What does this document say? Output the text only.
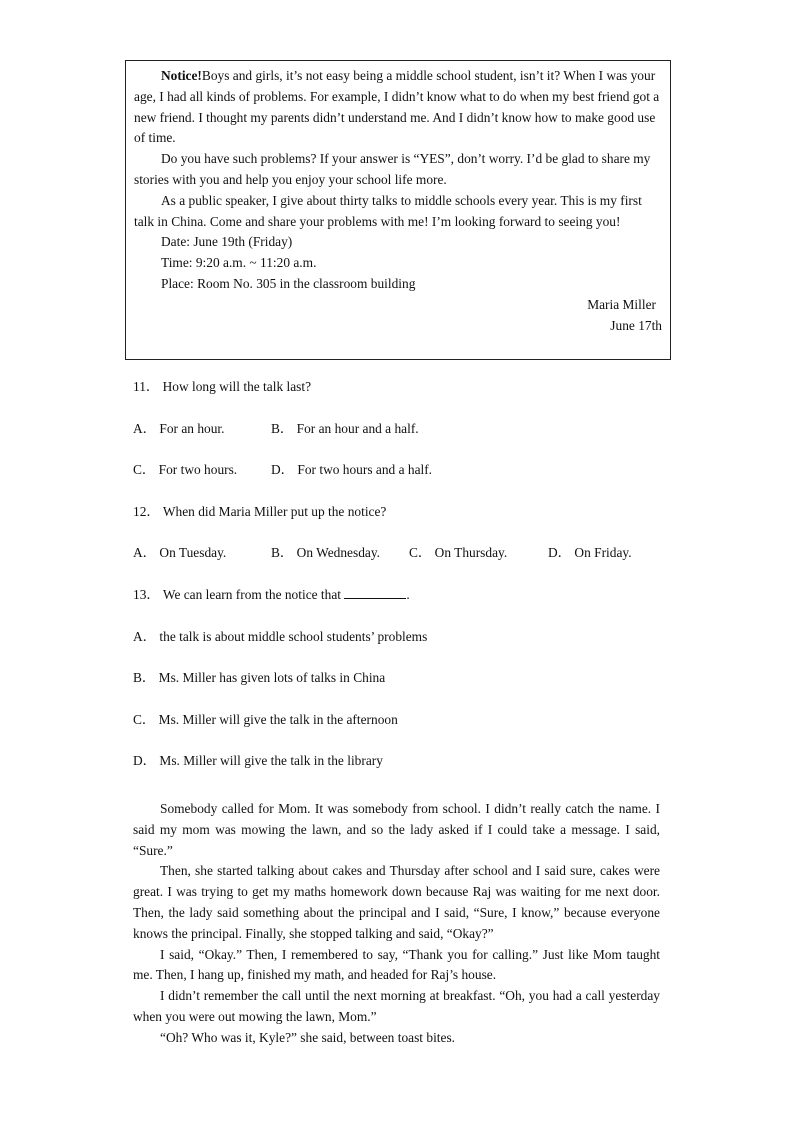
Notice!Boys and girls, it’s not easy being a middle school student, isn’t it? When I was your age, I had all kinds of problems. For example, I didn’t know what to do when my best friend got a new friend. I thought my parents didn’t understand me. And I didn’t know how to make good use of time.

Do you have such problems? If your answer is “YES”, don’t worry. I’d be glad to share my stories with you and help you enjoy your school life more.

As a public speaker, I give about thirty talks to middle schools every year. This is my first talk in China. Come and share your problems with me! I’m looking forward to seeing you!

Date: June 19th (Friday)

Time: 9:20 a.m. ~ 11:20 a.m.

Place: Room No. 305 in the classroom building

Maria Miller

June 17th

11． How long will the talk last?
A． For an hour.	B． For an hour and a half.
C． For two hours.	D． For two hours and a half.
12． When did Maria Miller put up the notice?
A． On Tuesday.	B． On Wednesday. C． On Thursday.	D． On Friday.
13． We can learn from the notice that	.
A． the talk is about middle school students’ problems
B． Ms. Miller has given lots of talks in China
C． Ms. Miller will give the talk in the afternoon
D． Ms. Miller will give the talk in the library

Somebody called for Mom. It was somebody from school. I didn’t really catch the name. I said my mom was mowing the lawn, and so the lady asked if I could take a message. I said, “Sure.”

Then, she started talking about cakes and Thursday after school and I said sure, cakes were great. I was trying to get my maths homework down because Raj was waiting for me next door. Then, the lady said something about the principal and I said, “Sure, I know,” because everyone knows the principal. Finally, she stopped talking and said, “Okay?”

I said, “Okay.” Then, I remembered to say, “Thank you for calling.” Just like Mom taught me. Then, I hang up, finished my math, and headed for Raj’s house.

I didn’t remember the call until the next morning at breakfast. “Oh, you had a call yesterday when you were out mowing the lawn, Mom.”

“Oh? Who was it, Kyle?” she said, between toast bites.
